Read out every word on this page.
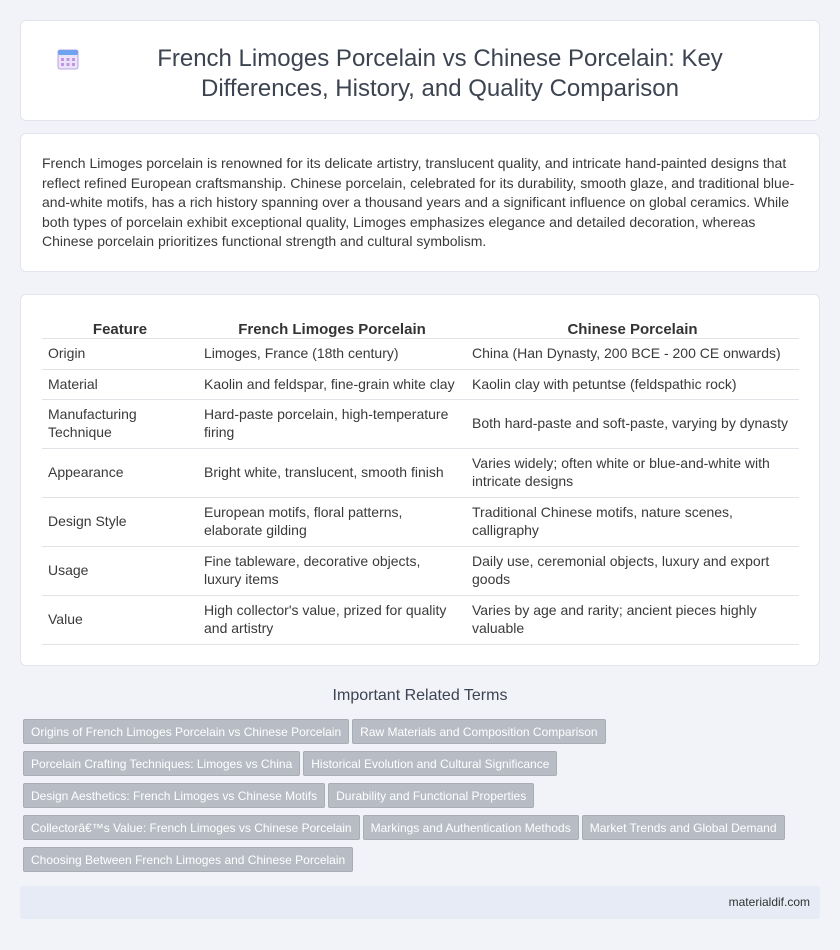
French Limoges Porcelain vs Chinese Porcelain: Key Differences, History, and Quality Comparison

French Limoges porcelain is renowned for its delicate artistry, translucent quality, and intricate hand-painted designs that reflect refined European craftsmanship. Chinese porcelain, celebrated for its durability, smooth glaze, and traditional blue-and-white motifs, has a rich history spanning over a thousand years and a significant influence on global ceramics. While both types of porcelain exhibit exceptional quality, Limoges emphasizes elegance and detailed decoration, whereas Chinese porcelain prioritizes functional strength and cultural symbolism.

Feature	French Limoges Porcelain	Chinese Porcelain
Origin	Limoges, France (18th century)	China (Han Dynasty, 200 BCE - 200 CE onwards)
Material	Kaolin and feldspar, fine-grain white clay	Kaolin clay with petuntse (feldspathic rock)
Manufacturing Technique	Hard-paste porcelain, high-temperature firing	Both hard-paste and soft-paste, varying by dynasty
Appearance	Bright white, translucent, smooth finish	Varies widely; often white or blue-and-white with intricate designs
Design Style	European motifs, floral patterns, elaborate gilding	Traditional Chinese motifs, nature scenes, calligraphy
Usage	Fine tableware, decorative objects, luxury items	Daily use, ceremonial objects, luxury and export goods
Value	High collector's value, prized for quality and artistry	Varies by age and rarity; ancient pieces highly valuable
Important Related Terms
Origins of French Limoges Porcelain vs Chinese Porcelain Raw Materials and Composition Comparison
Porcelain Crafting Techniques: Limoges vs China Historical Evolution and Cultural Significance
Design Aesthetics: French Limoges vs Chinese Motifs Durability and Functional Properties
Collectorâ€™s Value: French Limoges vs Chinese Porcelain Markings and Authentication Methods Market Trends and Global Demand
Choosing Between French Limoges and Chinese Porcelain
materialdif.com
